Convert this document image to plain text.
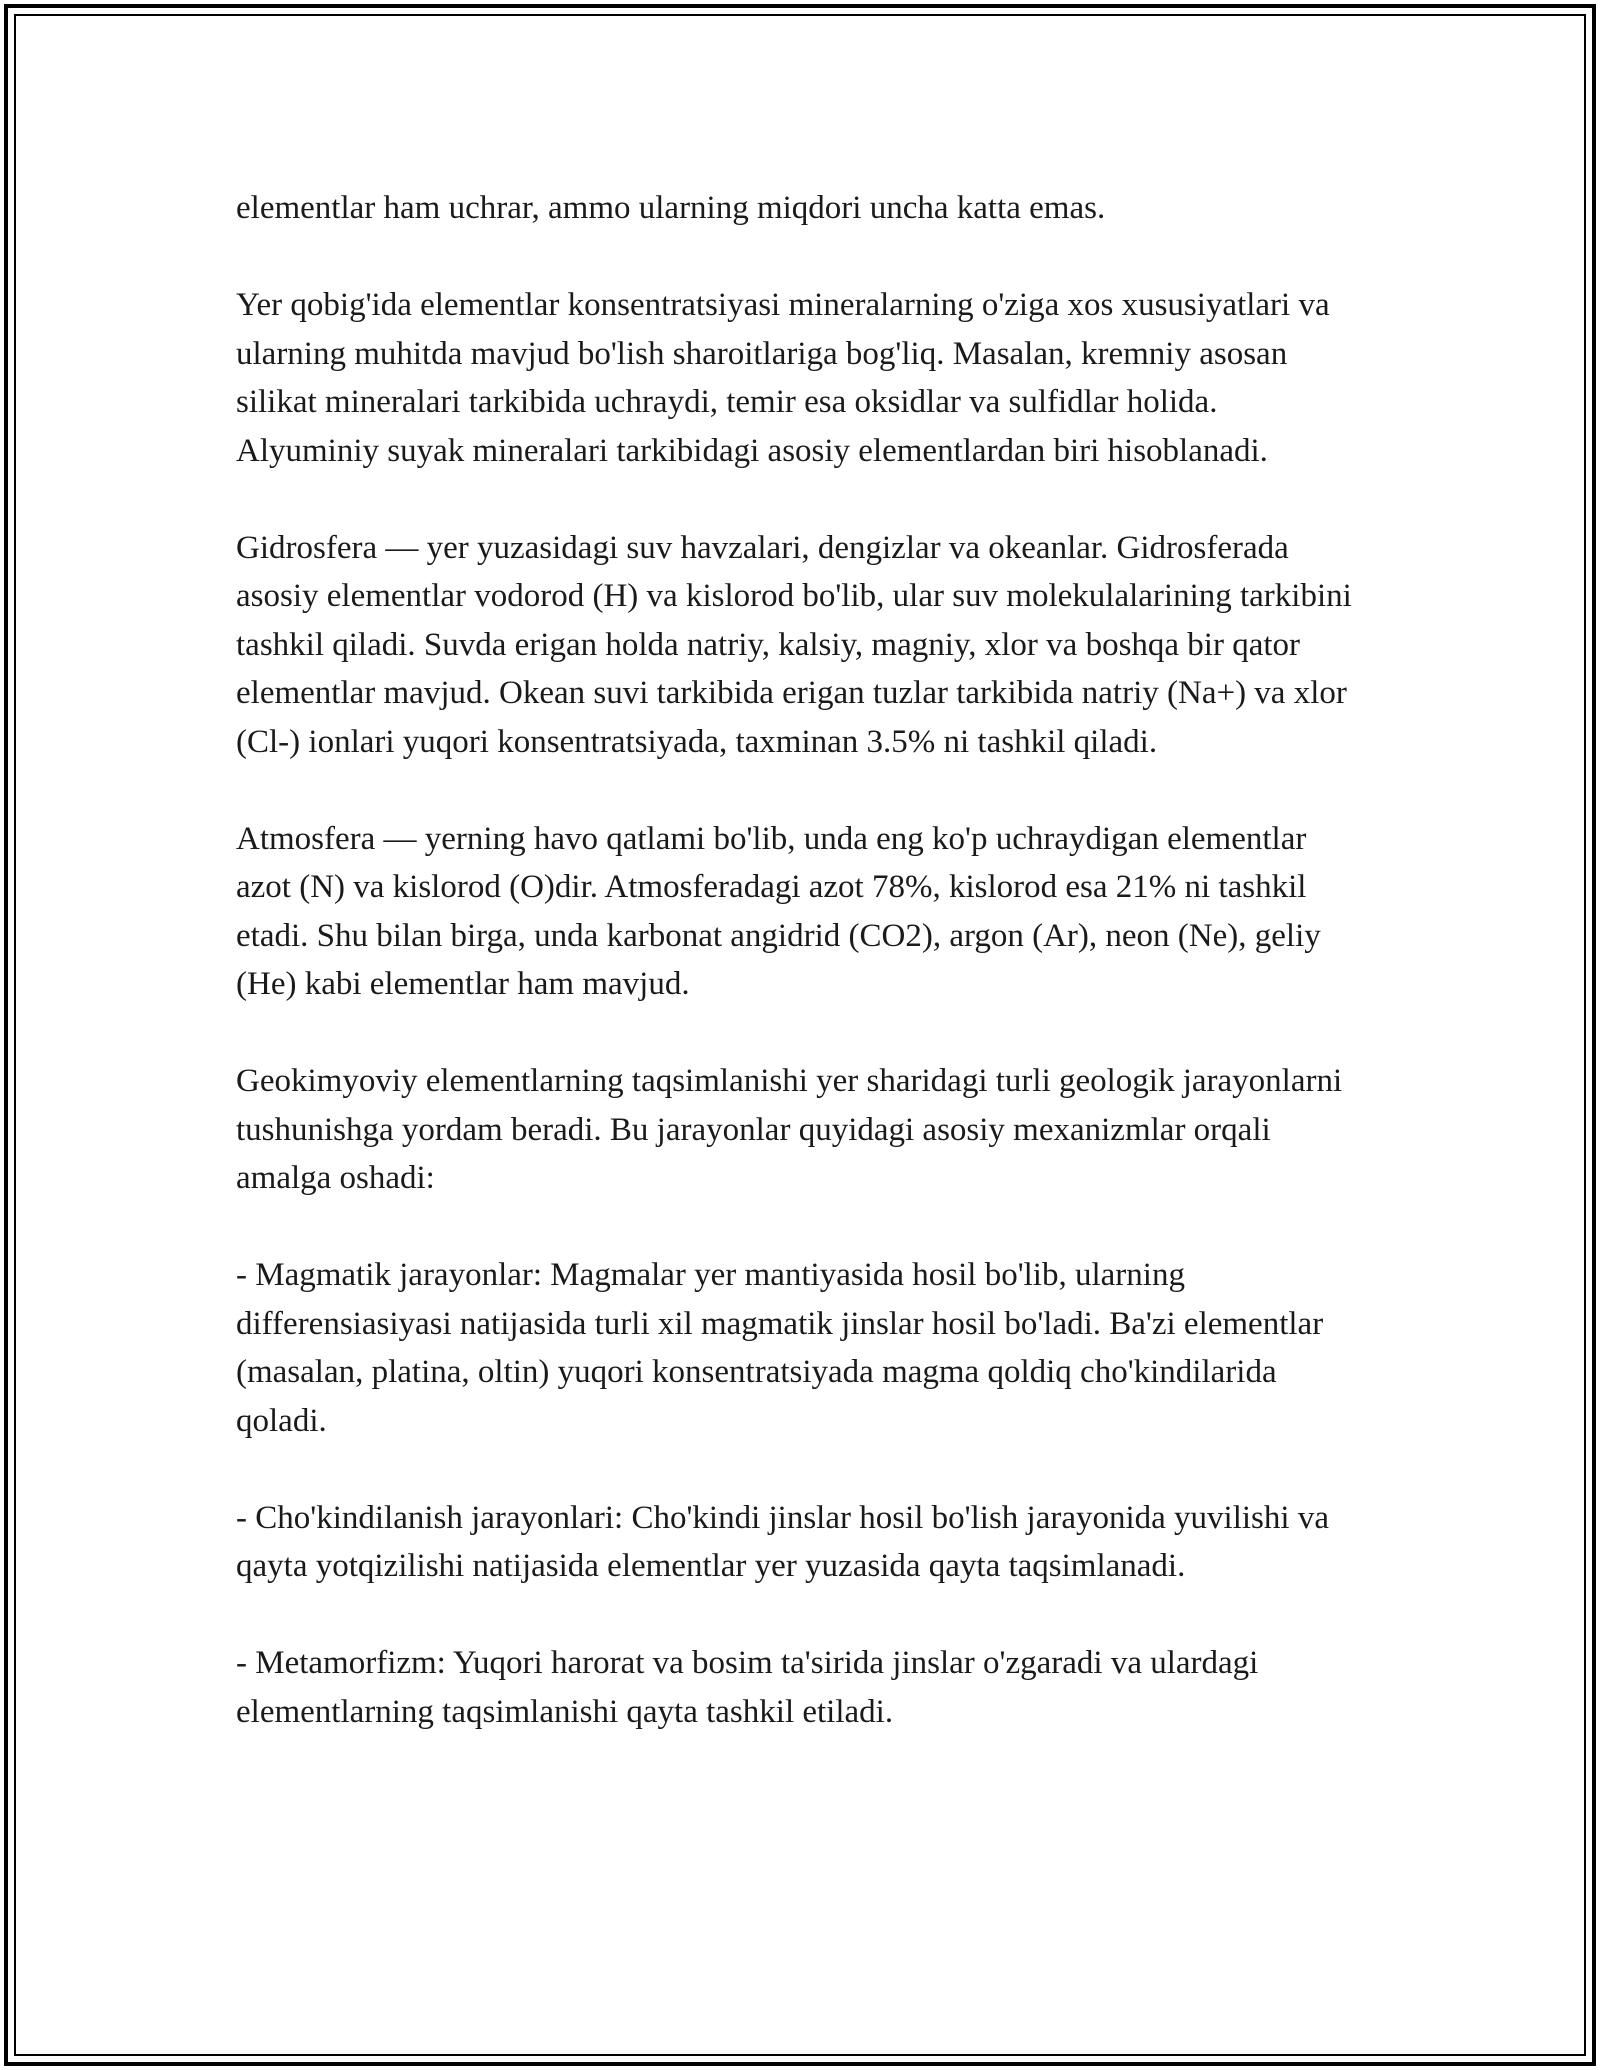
elementlar ham uchrar, ammo ularning miqdori uncha katta emas.

Yer qobig'ida elementlar konsentratsiyasi mineralarning o'ziga xos xususiyatlari va ularning muhitda mavjud bo'lish sharoitlariga bog'liq. Masalan, kremniy asosan silikat mineralari tarkibida uchraydi, temir esa oksidlar va sulfidlar holida. Alyuminiy suyak mineralari tarkibidagi asosiy elementlardan biri hisoblanadi.

Gidrosfera — yer yuzasidagi suv havzalari, dengizlar va okeanlar. Gidrosferada asosiy elementlar vodorod (H) va kislorod bo'lib, ular suv molekulalarining tarkibini tashkil qiladi. Suvda erigan holda natriy, kalsiy, magniy, xlor va boshqa bir qator elementlar mavjud. Okean suvi tarkibida erigan tuzlar tarkibida natriy (Na+) va xlor (Cl-) ionlari yuqori konsentratsiyada, taxminan 3.5% ni tashkil qiladi.

Atmosfera — yerning havo qatlami bo'lib, unda eng ko'p uchraydigan elementlar azot (N) va kislorod (O)dir. Atmosferadagi azot 78%, kislorod esa 21% ni tashkil etadi. Shu bilan birga, unda karbonat angidrid (CO2), argon (Ar), neon (Ne), geliy (He) kabi elementlar ham mavjud.

Geokimyoviy elementlarning taqsimlanishi yer sharidagi turli geologik jarayonlarni tushunishga yordam beradi. Bu jarayonlar quyidagi asosiy mexanizmlar orqali amalga oshadi:

- Magmatik jarayonlar: Magmalar yer mantiyasida hosil bo'lib, ularning differensiasiyasi natijasida turli xil magmatik jinslar hosil bo'ladi. Ba'zi elementlar (masalan, platina, oltin) yuqori konsentratsiyada magma qoldiq cho'kindilarida qoladi.

- Cho'kindilanish jarayonlari: Cho'kindi jinslar hosil bo'lish jarayonida yuvilishi va qayta yotqizilishi natijasida elementlar yer yuzasida qayta taqsimlanadi.

- Metamorfizm: Yuqori harorat va bosim ta'sirida jinslar o'zgaradi va ulardagi elementlarning taqsimlanishi qayta tashkil etiladi.
